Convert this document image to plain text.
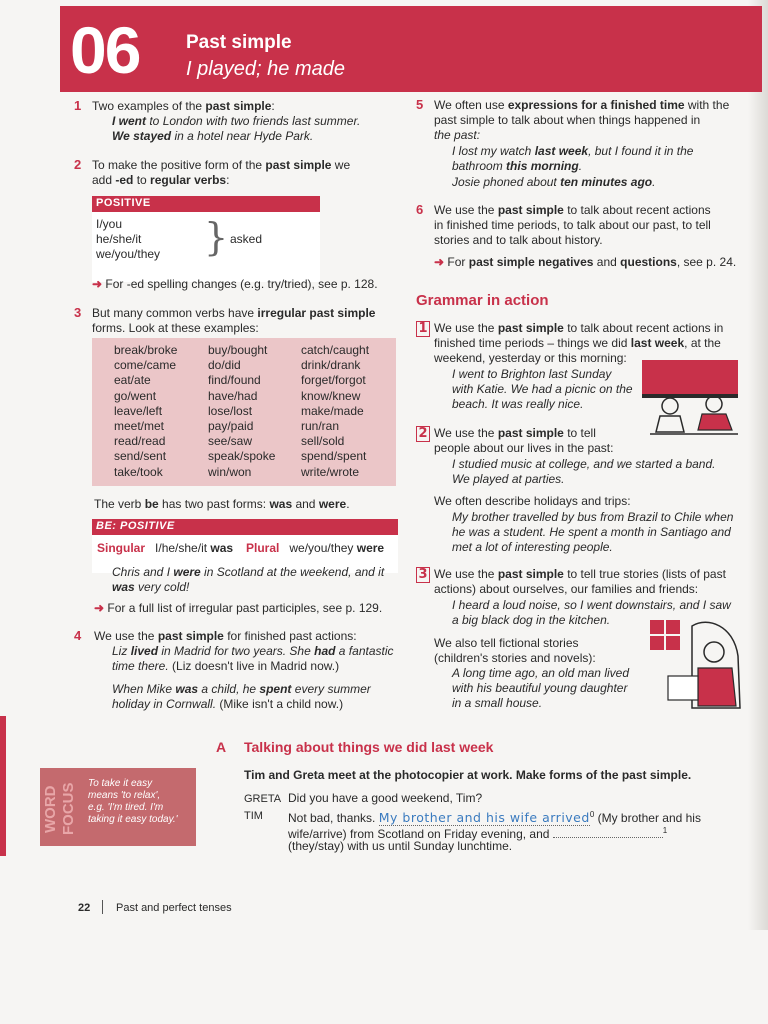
06 Past simple
I played; he made
1 Two examples of the past simple:
I went to London with two friends last summer.
We stayed in a hotel near Hyde Park.
2 To make the positive form of the past simple we
add -ed to regular verbs:
POSITIVE
I/you
he/she/it
we/you/they } asked
➜ For -ed spelling changes (e.g. try/tried), see p. 128.
3 But many common verbs have irregular past simple
forms. Look at these examples:
break/broke
come/came
eat/ate
go/went
leave/left
meet/met
read/read
send/sent
take/took
buy/bought
do/did
find/found
have/had
lose/lost
pay/paid
see/saw
speak/spoke
win/won
catch/caught
drink/drank
forget/forgot
know/knew
make/made
run/ran
sell/sold
spend/spent
write/wrote
The verb be has two past forms: was and were.
BE: POSITIVE
Singular I/he/she/it was Plural we/you/they were
Chris and I were in Scotland at the weekend, and it
was very cold!
➜ For a full list of irregular past participles, see p. 129.
4 We use the past simple for finished past actions:
Liz lived in Madrid for two years. She had a fantastic
time there. (Liz doesn't live in Madrid now.)
When Mike was a child, he spent every summer
holiday in Cornwall. (Mike isn't a child now.)
5 We often use expressions for a finished time with the
past simple to talk about when things happened in
the past:
I lost my watch last week, but I found it in the
bathroom this morning.
Josie phoned about ten minutes ago.
6 We use the past simple to talk about recent actions
in finished time periods, to talk about our past, to tell
stories and to talk about history.
➜ For past simple negatives and questions, see p. 24.
Grammar in action
1 We use the past simple to talk about recent actions in
finished time periods – things we did last week, at the
weekend, yesterday or this morning:
I went to Brighton last Sunday
with Katie. We had a picnic on the
beach. It was really nice.
2 We use the past simple to tell
people about our lives in the past:
I studied music at college, and we started a band.
We played at parties.
We often describe holidays and trips:
My brother travelled by bus from Brazil to Chile when
he was a student. He spent a month in Santiago and
met a lot of interesting people.
3 We use the past simple to tell true stories (lists of past
actions) about ourselves, our families and friends:
I heard a loud noise, so I went downstairs, and I saw
a big black dog in the kitchen.
We also tell fictional stories
(children's stories and novels):
A long time ago, an old man lived
with his beautiful young daughter
in a small house.
A Talking about things we did last week
Tim and Greta meet at the photocopier at work. Make forms of the past simple.
GRETA Did you have a good weekend, Tim?
TIM Not bad, thanks. My brother and his wife arrived$^0$ (My brother and his
wife/arrive) from Scotland on Friday evening, and	$^1$
(they/stay) with us until Sunday lunchtime.
WORD FOCUS	To take it easy
means 'to relax',
e.g. 'I'm tired. I'm
taking it easy today.'
22 Past and perfect tenses
